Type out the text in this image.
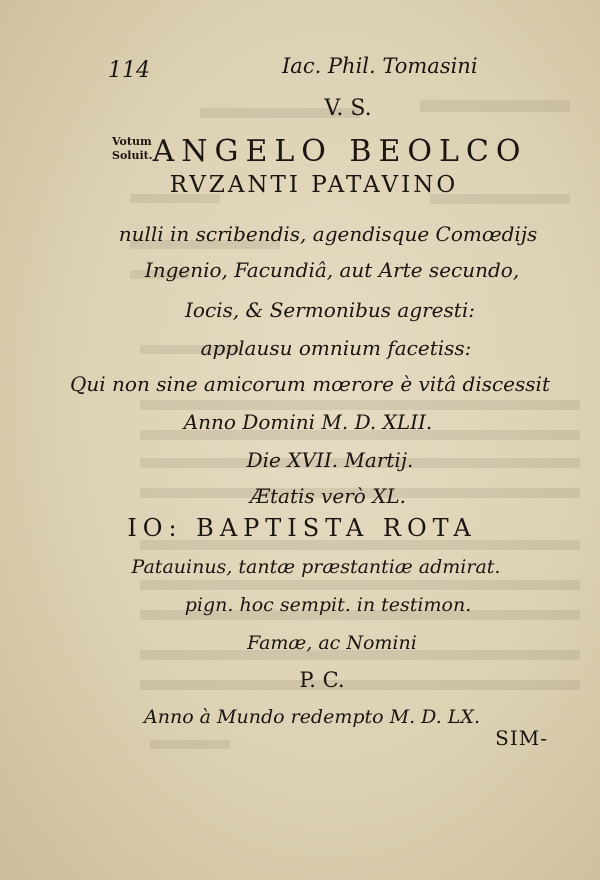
114	Iac. Phil. Tomasini
Votum
Soluit.
V. S.
ANGELO BEOLCO
RVZANTI PATAVINO
nulli in scribendis, agendisque Comœdijs
Ingenio, Facundiâ, aut Arte secundo,
Iocis, & Sermonibus agresti:
applausu omnium facetiss:
Qui non sine amicorum mœrore è vitâ discessit
Anno Domini M. D. XLII.
Die XVII. Martij.
Ætatis verò XL.
IO: BAPTISTA ROTA
Patauinus, tantæ præstantiæ admirat.
pign. hoc sempit. in testimon.
Famæ, ac Nomini
P. C.
Anno à Mundo redempto M. D. LX.
SIM-
